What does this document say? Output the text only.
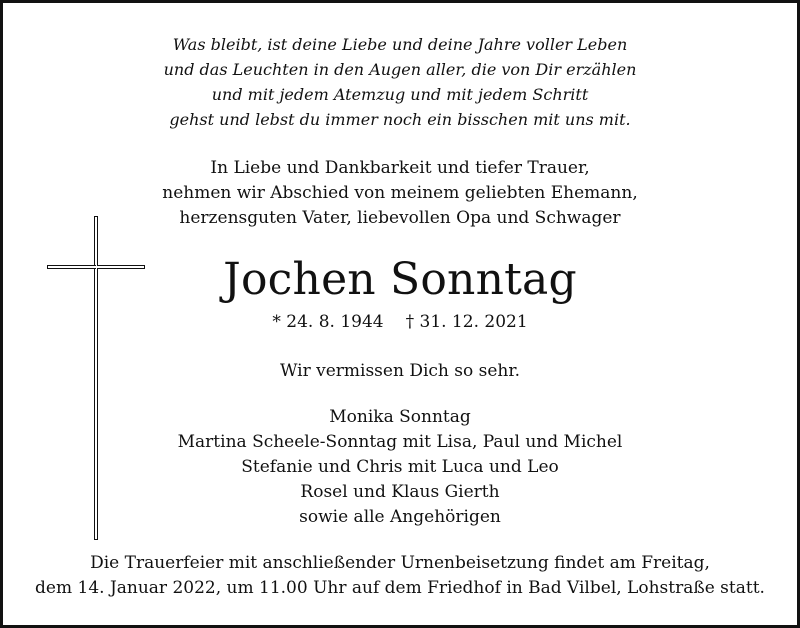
Was bleibt, ist deine Liebe und deine Jahre voller Leben
und das Leuchten in den Augen aller, die von Dir erzählen
und mit jedem Atemzug und mit jedem Schritt
gehst und lebst du immer noch ein bisschen mit uns mit.
In Liebe und Dankbarkeit und tiefer Trauer,
nehmen wir Abschied von meinem geliebten Ehemann,
herzensguten Vater, liebevollen Opa und Schwager
Jochen Sonntag
* 24. 8. 1944 † 31. 12. 2021
Wir vermissen Dich so sehr.
Monika Sonntag
Martina Scheele-Sonntag mit Lisa, Paul und Michel
Stefanie und Chris mit Luca und Leo
Rosel und Klaus Gierth
sowie alle Angehörigen
Die Trauerfeier mit anschließender Urnenbeisetzung findet am Freitag,
dem 14. Januar 2022, um 11.00 Uhr auf dem Friedhof in Bad Vilbel, Lohstraße statt.
